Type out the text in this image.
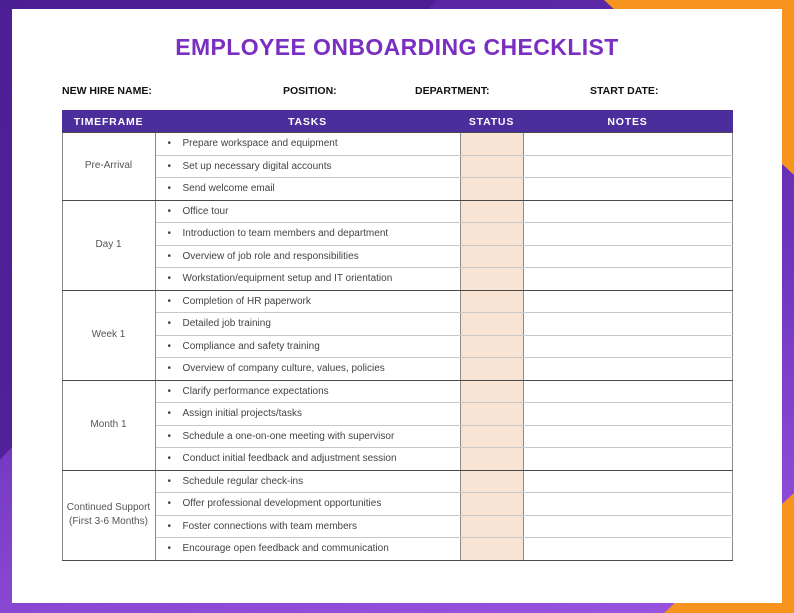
EMPLOYEE ONBOARDING CHECKLIST
NEW HIRE NAME:	POSITION:	DEPARTMENT:	START DATE:
TIMEFRAME	TASKS	STATUS	NOTES
Pre-Arrival	• Prepare workspace and equipment		
	• Set up necessary digital accounts		
	• Send welcome email		
Day 1	• Office tour		
	• Introduction to team members and department		
	• Overview of job role and responsibilities		
	• Workstation/equipment setup and IT orientation		
Week 1	• Completion of HR paperwork		
	• Detailed job training		
	• Compliance and safety training		
	• Overview of company culture, values, policies		
Month 1	• Clarify performance expectations		
	• Assign initial projects/tasks		
	• Schedule a one-on-one meeting with supervisor		
	• Conduct initial feedback and adjustment session		
Continued Support (First 3-6 Months)	• Schedule regular check-ins		
	• Offer professional development opportunities		
	• Foster connections with team members		
	• Encourage open feedback and communication		
